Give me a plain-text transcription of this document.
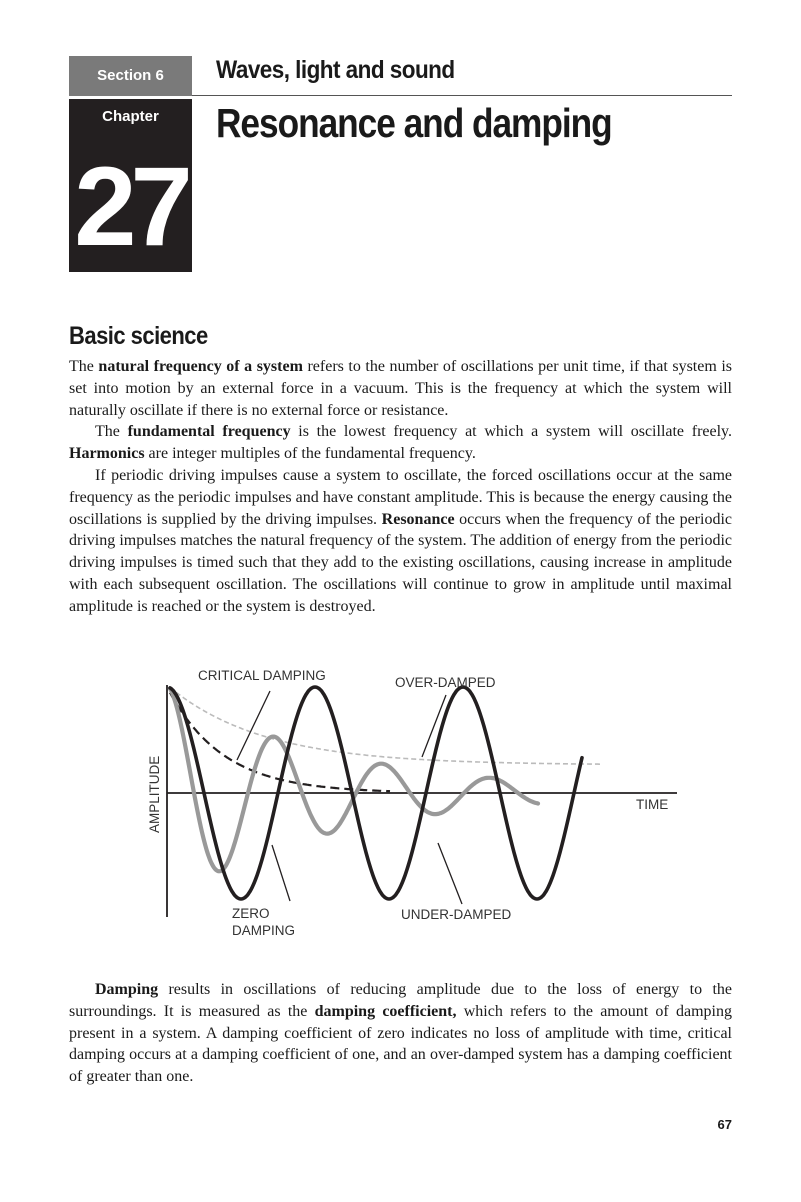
Section 6	Waves, light and sound
Chapter
27
Resonance and damping
Basic science

The natural frequency of a system refers to the number of oscillations per unit time, if that system is set into motion by an external force in a vacuum. This is the frequency at which the system will naturally oscillate if there is no external force or resistance.

The fundamental frequency is the lowest frequency at which a system will oscillate freely. Harmonics are integer multiples of the fundamental frequency.

If periodic driving impulses cause a system to oscillate, the forced oscillations occur at the same frequency as the periodic impulses and have constant amplitude. This is because the energy causing the oscillations is supplied by the driving impulses. Resonance occurs when the frequency of the periodic driving impulses matches the natural frequency of the system. The addition of energy from the periodic driving impulses is timed such that they add to the existing oscillations, causing increase in amplitude with each subsequent oscillation. The oscillations will continue to grow in amplitude until maximal amplitude is reached or the system is destroyed.

CRITICAL DAMPING	OVER-DAMPED
TIME
AMPLITUDE
ZERO
DAMPING
UNDER-DAMPED

Damping results in oscillations of reducing amplitude due to the loss of energy to the surroundings. It is measured as the damping coefficient, which refers to the amount of damping present in a system. A damping coefficient of zero indicates no loss of amplitude with time, critical damping occurs at a damping coefficient of one, and an over-damped system has a damping coefficient of greater than one.

67
